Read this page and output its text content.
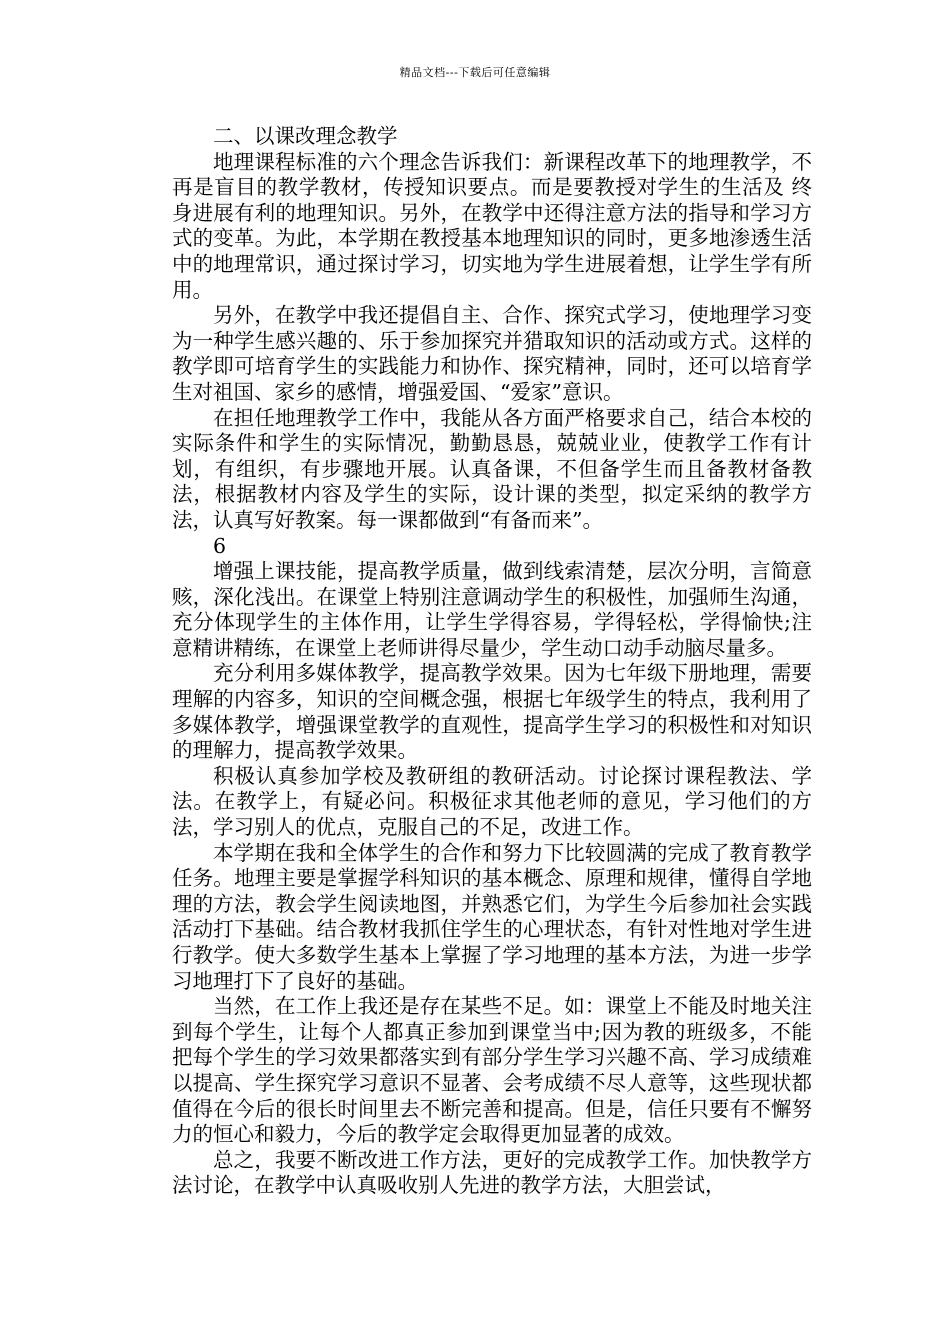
精品文档---下载后可任意编辑

二、以课改理念教学

地理课程标准的六个理念告诉我们：新课程改革下的地理教学，不再是盲目的教学教材，传授知识要点。而是要教授对学生的生活及 终身进展有利的地理知识。另外，在教学中还得注意方法的指导和学习方式的变革。为此，本学期在教授基本地理知识的同时，更多地渗透生活中的地理常识，通过探讨学习，切实地为学生进展着想，让学生学有所用。

另外，在教学中我还提倡自主、合作、探究式学习，使地理学习变为一种学生感兴趣的、乐于参加探究并猎取知识的活动或方式。这样的教学即可培育学生的实践能力和协作、探究精神，同时，还可以培育学生对祖国、家乡的感情，增强爱国、“爱家”意识。

在担任地理教学工作中，我能从各方面严格要求自己，结合本校的实际条件和学生的实际情况，勤勤恳恳，兢兢业业，使教学工作有计划，有组织，有步骤地开展。认真备课，不但备学生而且备教材备教法，根据教材内容及学生的实际，设计课的类型，拟定采纳的教学方法，认真写好教案。每一课都做到“有备而来”。

6

增强上课技能，提高教学质量，做到线索清楚，层次分明，言简意赅，深化浅出。在课堂上特别注意调动学生的积极性，加强师生沟通，充分体现学生的主体作用，让学生学得容易，学得轻松，学得愉快;注意精讲精练，在课堂上老师讲得尽量少，学生动口动手动脑尽量多。

充分利用多媒体教学，提高教学效果。因为七年级下册地理，需要理解的内容多，知识的空间概念强，根据七年级学生的特点，我利用了多媒体教学，增强课堂教学的直观性，提高学生学习的积极性和对知识的理解力，提高教学效果。

积极认真参加学校及教研组的教研活动。讨论探讨课程教法、学法。在教学上，有疑必问。积极征求其他老师的意见，学习他们的方法，学习别人的优点，克服自己的不足，改进工作。

本学期在我和全体学生的合作和努力下比较圆满的完成了教育教学任务。地理主要是掌握学科知识的基本概念、原理和规律，懂得自学地理的方法，教会学生阅读地图，并熟悉它们，为学生今后参加社会实践活动打下基础。结合教材我抓住学生的心理状态，有针对性地对学生进行教学。使大多数学生基本上掌握了学习地理的基本方法，为进一步学习地理打下了良好的基础。

当然，在工作上我还是存在某些不足。如：课堂上不能及时地关注到每个学生，让每个人都真正参加到课堂当中;因为教的班级多，不能把每个学生的学习效果都落实到有部分学生学习兴趣不高、学习成绩难以提高、学生探究学习意识不显著、会考成绩不尽人意等，这些现状都值得在今后的很长时间里去不断完善和提高。但是，信任只要有不懈努力的恒心和毅力，今后的教学定会取得更加显著的成效。

总之，我要不断改进工作方法，更好的完成教学工作。加快教学方法讨论，在教学中认真吸收别人先进的教学方法，大胆尝试，
